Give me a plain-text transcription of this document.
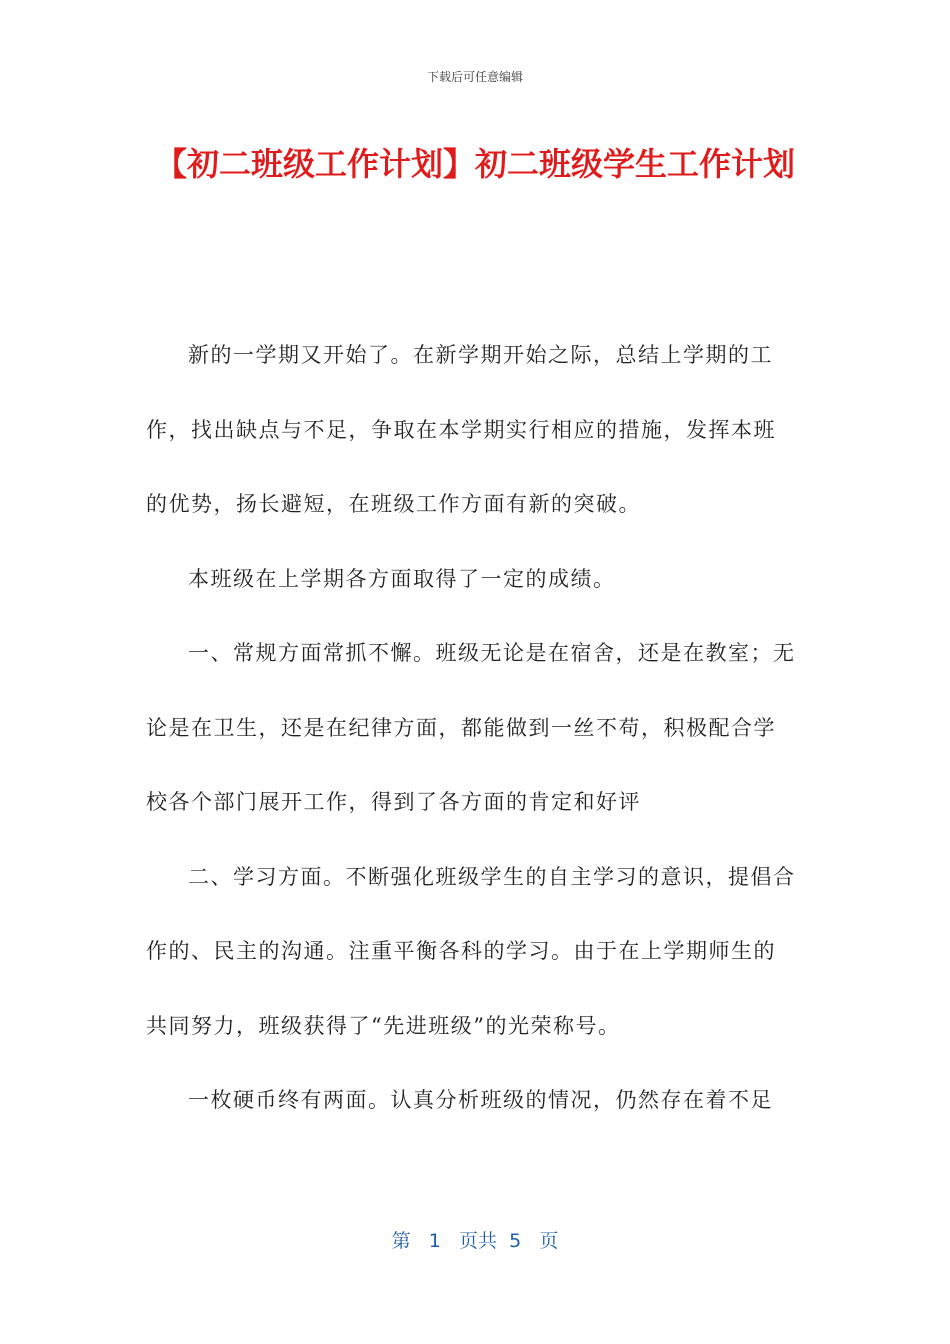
下载后可任意编辑
【初二班级工作计划】初二班级学生工作计划

新的一学期又开始了。在新学期开始之际，总结上学期的工作，找出缺点与不足，争取在本学期实行相应的措施，发挥本班的优势，扬长避短，在班级工作方面有新的突破。

本班级在上学期各方面取得了一定的成绩。

一、常规方面常抓不懈。班级无论是在宿舍，还是在教室；无论是在卫生，还是在纪律方面，都能做到一丝不苟，积极配合学校各个部门展开工作，得到了各方面的肯定和好评

二、学习方面。不断强化班级学生的自主学习的意识，提倡合作的、民主的沟通。注重平衡各科的学习。由于在上学期师生的共同努力，班级获得了“先进班级”的光荣称号。

一枚硬币终有两面。认真分析班级的情况，仍然存在着不足

第 1 页共 5 页
